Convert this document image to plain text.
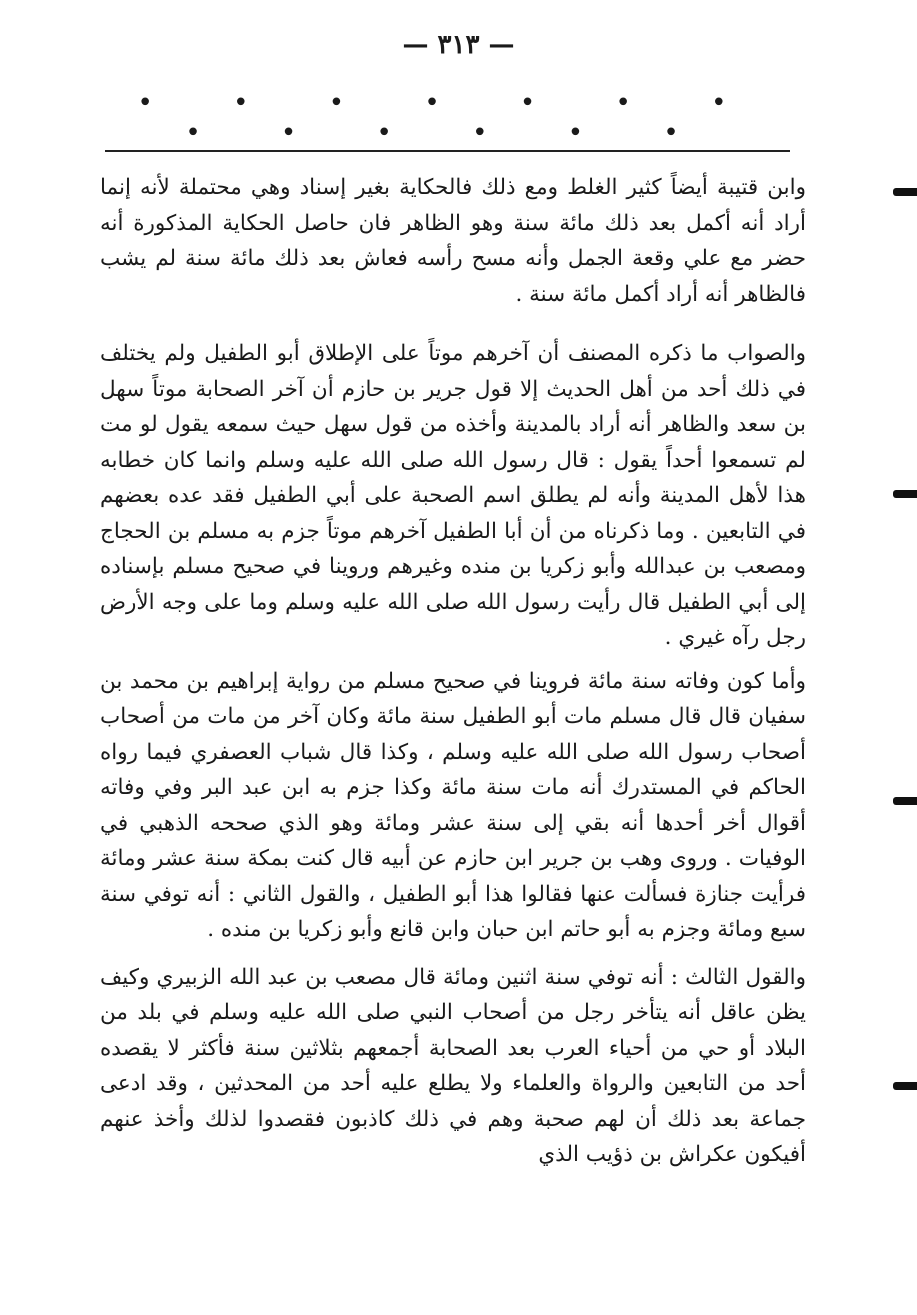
— ٣١٣ —
• • • • • • • • • • • • •

وابن قتيبة أيضاً كثير الغلط ومع ذلك فالحكاية بغير إسناد وهي محتملة لأنه إنما أراد أنه أكمل بعد ذلك مائة سنة وهو الظاهر فان حاصل الحكاية المذكورة أنه حضر مع علي وقعة الجمل وأنه مسح رأسه فعاش بعد ذلك مائة سنة لم يشب فالظاهر أنه أراد أكمل مائة سنة .

والصواب ما ذكره المصنف أن آخرهم موتاً على الإطلاق أبو الطفيل ولم يختلف في ذلك أحد من أهل الحديث إلا قول جرير بن حازم أن آخر الصحابة موتاً سهل بن سعد والظاهر أنه أراد بالمدينة وأخذه من قول سهل حيث سمعه يقول لو مت لم تسمعوا أحداً يقول : قال رسول الله صلى الله عليه وسلم وانما كان خطابه هذا لأهل المدينة وأنه لم يطلق اسم الصحبة على أبي الطفيل فقد عده بعضهم في التابعين . وما ذكرناه من أن أبا الطفيل آخرهم موتاً جزم به مسلم بن الحجاج ومصعب بن عبدالله وأبو زكريا بن منده وغيرهم وروينا في صحيح مسلم بإسناده إلى أبي الطفيل قال رأيت رسول الله صلى الله عليه وسلم وما على وجه الأرض رجل رآه غيري .

وأما كون وفاته سنة مائة فروينا في صحيح مسلم من رواية إبراهيم بن محمد بن سفيان قال قال مسلم مات أبو الطفيل سنة مائة وكان آخر من مات من أصحاب أصحاب رسول الله صلى الله عليه وسلم ، وكذا قال شباب العصفري فيما رواه الحاكم في المستدرك أنه مات سنة مائة وكذا جزم به ابن عبد البر وفي وفاته أقوال أخر أحدها أنه بقي إلى سنة عشر ومائة وهو الذي صححه الذهبي في الوفيات . وروى وهب بن جرير ابن حازم عن أبيه قال كنت بمكة سنة عشر ومائة فرأيت جنازة فسألت عنها فقالوا هذا أبو الطفيل ، والقول الثاني : أنه توفي سنة سبع ومائة وجزم به أبو حاتم ابن حبان وابن قانع وأبو زكريا بن منده .

والقول الثالث : أنه توفي سنة اثنين ومائة قال مصعب بن عبد الله الزبيري وكيف يظن عاقل أنه يتأخر رجل من أصحاب النبي صلى الله عليه وسلم في بلد من البلاد أو حي من أحياء العرب بعد الصحابة أجمعهم بثلاثين سنة فأكثر لا يقصده أحد من التابعين والرواة والعلماء ولا يطلع عليه أحد من المحدثين ، وقد ادعى جماعة بعد ذلك أن لهم صحبة وهم في ذلك كاذبون فقصدوا لذلك وأخذ عنهم أفيكون عكراش بن ذؤيب الذي
